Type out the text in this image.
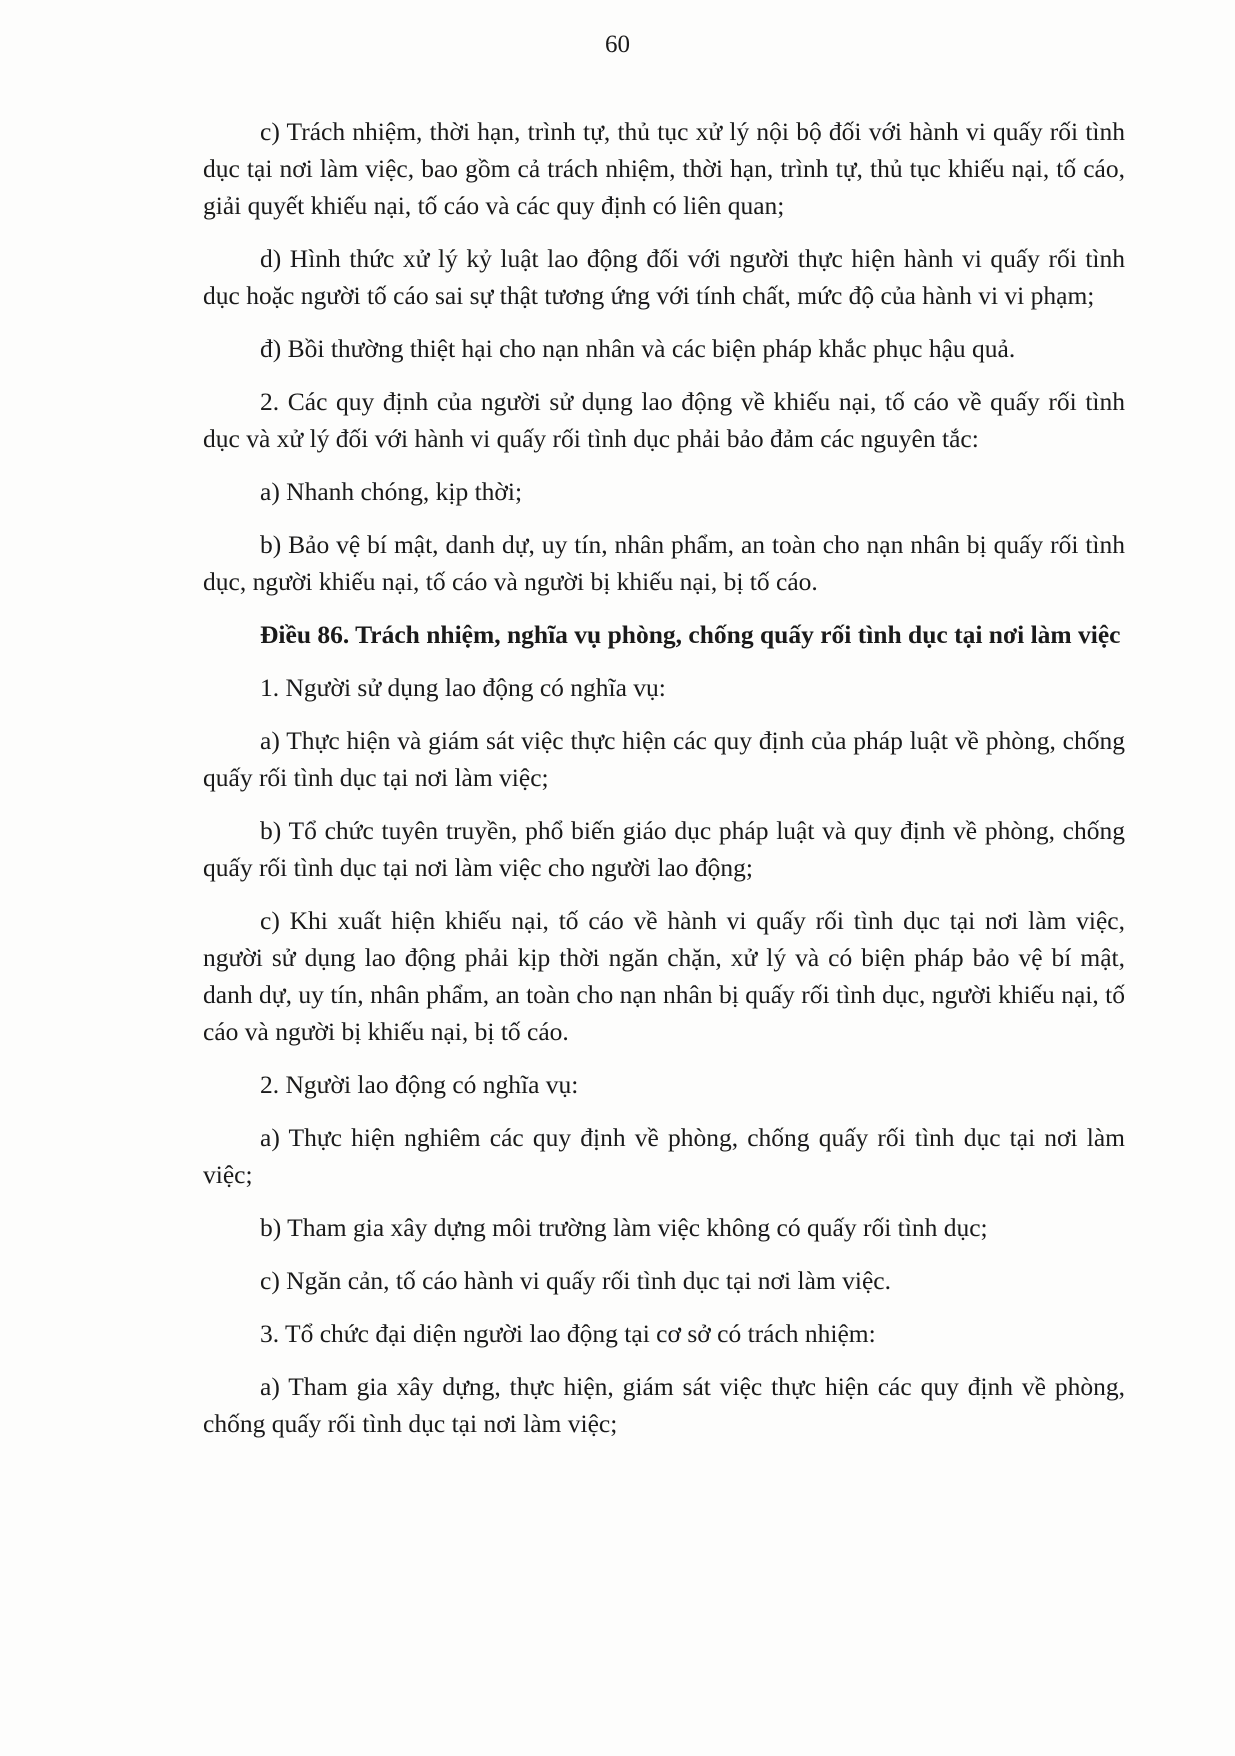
60

c) Trách nhiệm, thời hạn, trình tự, thủ tục xử lý nội bộ đối với hành vi quấy rối tình dục tại nơi làm việc, bao gồm cả trách nhiệm, thời hạn, trình tự, thủ tục khiếu nại, tố cáo, giải quyết khiếu nại, tố cáo và các quy định có liên quan;

d) Hình thức xử lý kỷ luật lao động đối với người thực hiện hành vi quấy rối tình dục hoặc người tố cáo sai sự thật tương ứng với tính chất, mức độ của hành vi vi phạm;

đ) Bồi thường thiệt hại cho nạn nhân và các biện pháp khắc phục hậu quả.

2. Các quy định của người sử dụng lao động về khiếu nại, tố cáo về quấy rối tình dục và xử lý đối với hành vi quấy rối tình dục phải bảo đảm các nguyên tắc:

a) Nhanh chóng, kịp thời;

b) Bảo vệ bí mật, danh dự, uy tín, nhân phẩm, an toàn cho nạn nhân bị quấy rối tình dục, người khiếu nại, tố cáo và người bị khiếu nại, bị tố cáo.

Điều 86. Trách nhiệm, nghĩa vụ phòng, chống quấy rối tình dục tại nơi làm việc

1. Người sử dụng lao động có nghĩa vụ:

a) Thực hiện và giám sát việc thực hiện các quy định của pháp luật về phòng, chống quấy rối tình dục tại nơi làm việc;

b) Tổ chức tuyên truyền, phổ biến giáo dục pháp luật và quy định về phòng, chống quấy rối tình dục tại nơi làm việc cho người lao động;

c) Khi xuất hiện khiếu nại, tố cáo về hành vi quấy rối tình dục tại nơi làm việc, người sử dụng lao động phải kịp thời ngăn chặn, xử lý và có biện pháp bảo vệ bí mật, danh dự, uy tín, nhân phẩm, an toàn cho nạn nhân bị quấy rối tình dục, người khiếu nại, tố cáo và người bị khiếu nại, bị tố cáo.

2. Người lao động có nghĩa vụ:

a) Thực hiện nghiêm các quy định về phòng, chống quấy rối tình dục tại nơi làm việc;

b) Tham gia xây dựng môi trường làm việc không có quấy rối tình dục;

c) Ngăn cản, tố cáo hành vi quấy rối tình dục tại nơi làm việc.

3. Tổ chức đại diện người lao động tại cơ sở có trách nhiệm:

a) Tham gia xây dựng, thực hiện, giám sát việc thực hiện các quy định về phòng, chống quấy rối tình dục tại nơi làm việc;
